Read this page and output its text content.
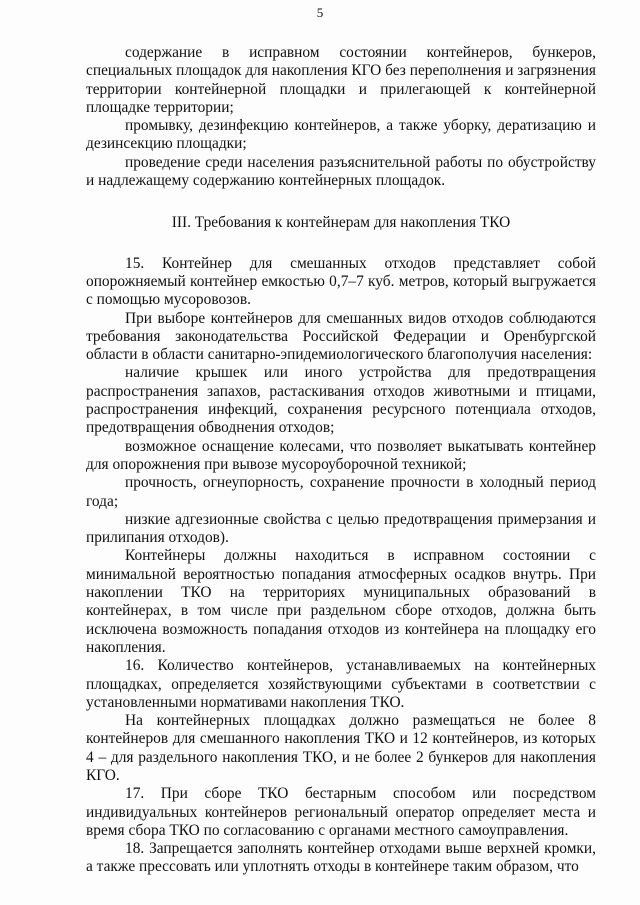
5

содержание в исправном состоянии контейнеров, бункеров, специальных площадок для накопления КГО без переполнения и загрязнения территории контейнерной площадки и прилегающей к контейнерной площадке территории;

промывку, дезинфекцию контейнеров, а также уборку, дератизацию и дезинсекцию площадки;

проведение среди населения разъяснительной работы по обустройству и надлежащему содержанию контейнерных площадок.

III. Требования к контейнерам для накопления ТКО

15. Контейнер для смешанных отходов представляет собой опорожняемый контейнер емкостью 0,7–7 куб. метров, который выгружается с помощью мусоровозов.

При выборе контейнеров для смешанных видов отходов соблюдаются требования законодательства Российской Федерации и Оренбургской области в области санитарно-эпидемиологического благополучия населения:

наличие крышек или иного устройства для предотвращения распространения запахов, растаскивания отходов животными и птицами, распространения инфекций, сохранения ресурсного потенциала отходов, предотвращения обводнения отходов;

возможное оснащение колесами, что позволяет выкатывать контейнер для опорожнения при вывозе мусороуборочной техникой;

прочность, огнеупорность, сохранение прочности в холодный период года;

низкие адгезионные свойства с целью предотвращения примерзания и прилипания отходов).

Контейнеры должны находиться в исправном состоянии с минимальной вероятностью попадания атмосферных осадков внутрь. При накоплении ТКО на территориях муниципальных образований в контейнерах, в том числе при раздельном сборе отходов, должна быть исключена возможность попадания отходов из контейнера на площадку его накопления.

16. Количество контейнеров, устанавливаемых на контейнерных площадках, определяется хозяйствующими субъектами в соответствии с установленными нормативами накопления ТКО.

На контейнерных площадках должно размещаться не более 8 контейнеров для смешанного накопления ТКО и 12 контейнеров, из которых 4 – для раздельного накопления ТКО, и не более 2 бункеров для накопления КГО.

17. При сборе ТКО бестарным способом или посредством индивидуальных контейнеров региональный оператор определяет места и время сбора ТКО по согласованию с органами местного самоуправления.

18. Запрещается заполнять контейнер отходами выше верхней кромки, а также прессовать или уплотнять отходы в контейнере таким образом, что
